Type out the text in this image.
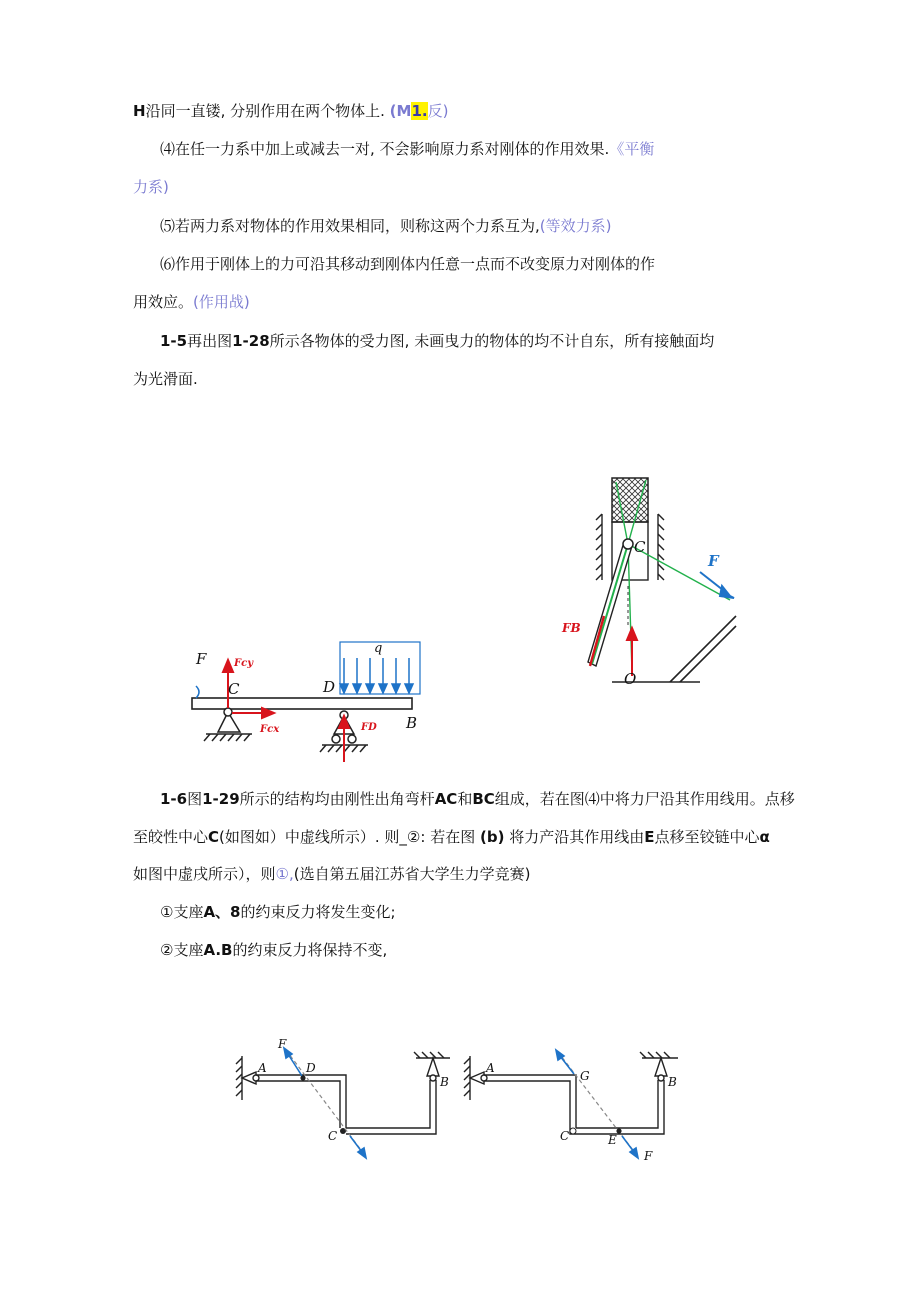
H沿同一直镂, 分别作用在两个物体上. (M1.反)
⑷在任一力系中加上或减去一对, 不会影响原力系对刚体的作用效果.《平衡
力系)
⑸若两力系对物体的作用效果相同，则称这两个力系互为,(等效力系)
⑹作用于刚体上的力可沿其移动到刚体内任意一点而不改变原力对刚体的作
用效应。(作用战)
1-5再出图1-28所示各物体的受力图, 未画曳力的物体的均不计自东，所有接触面均
为光滑面.
F	Fcy
C
Fcx
D
q
FD B
C
F
FB
O
1-6图1-29所示的结构均由刚性出角弯杆AC和BC组成，若在图⑷中将力尸沿其作用线用。点移
至皎性中心C(如图如）中虚线所示）. 则_②: 若在图 (b) 将力产沿其作用线由E点移至铰链中心α
如图中虚戌所示），则①,(选自第五届江苏省大学生力学竞赛)
①支座A、8的约束反力将发生变化;
②支座A.B的约束反力将保持不变,
F
A	D
C
B
A
G	B
C	E
F
